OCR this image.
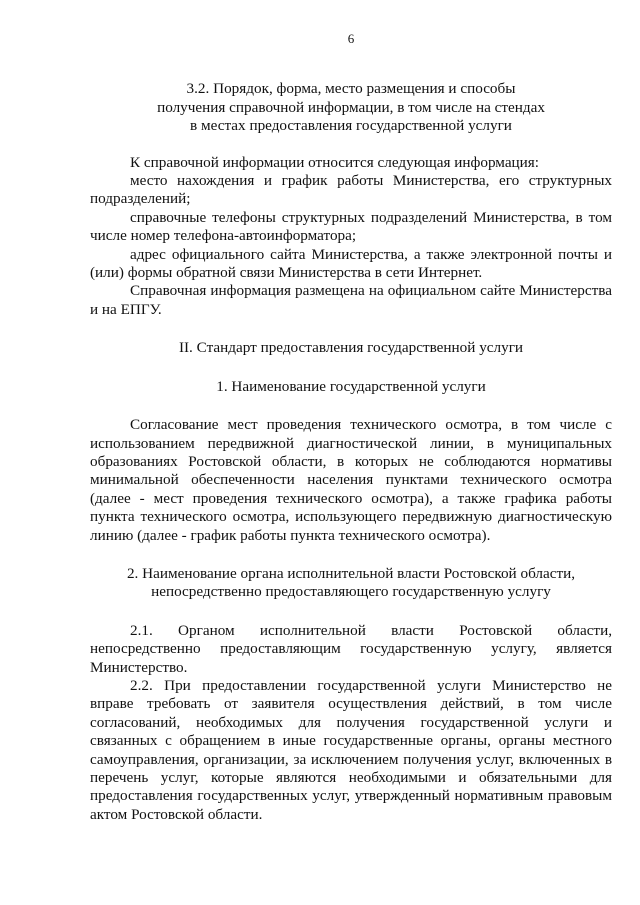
6

3.2. Порядок, форма, место размещения и способы

получения справочной информации, в том числе на стендах

в местах предоставления государственной услуги

К справочной информации относится следующая информация:

место нахождения и график работы Министерства, его структурных подразделений;

справочные телефоны структурных подразделений Министерства, в том числе номер телефона-автоинформатора;

адрес официального сайта Министерства, а также электронной почты и (или) формы обратной связи Министерства в сети Интернет.

Справочная информация размещена на официальном сайте Министерства и на ЕПГУ.

II. Стандарт предоставления государственной услуги

1. Наименование государственной услуги

Согласование мест проведения технического осмотра, в том числе с использованием передвижной диагностической линии, в муниципальных образованиях Ростовской области, в которых не соблюдаются нормативы минимальной обеспеченности населения пунктами технического осмотра (далее - мест проведения технического осмотра), а также графика работы пункта технического осмотра, использующего передвижную диагностическую линию (далее - график работы пункта технического осмотра).

2. Наименование органа исполнительной власти Ростовской области,

непосредственно предоставляющего государственную услугу

2.1. Органом исполнительной власти Ростовской области, непосредственно предоставляющим государственную услугу, является Министерство.

2.2. При предоставлении государственной услуги Министерство не вправе требовать от заявителя осуществления действий, в том числе согласований, необходимых для получения государственной услуги и связанных с обращением в иные государственные органы, органы местного самоуправления, организации, за исключением получения услуг, включенных в перечень услуг, которые являются необходимыми и обязательными для предоставления государственных услуг, утвержденный нормативным правовым актом Ростовской области.
